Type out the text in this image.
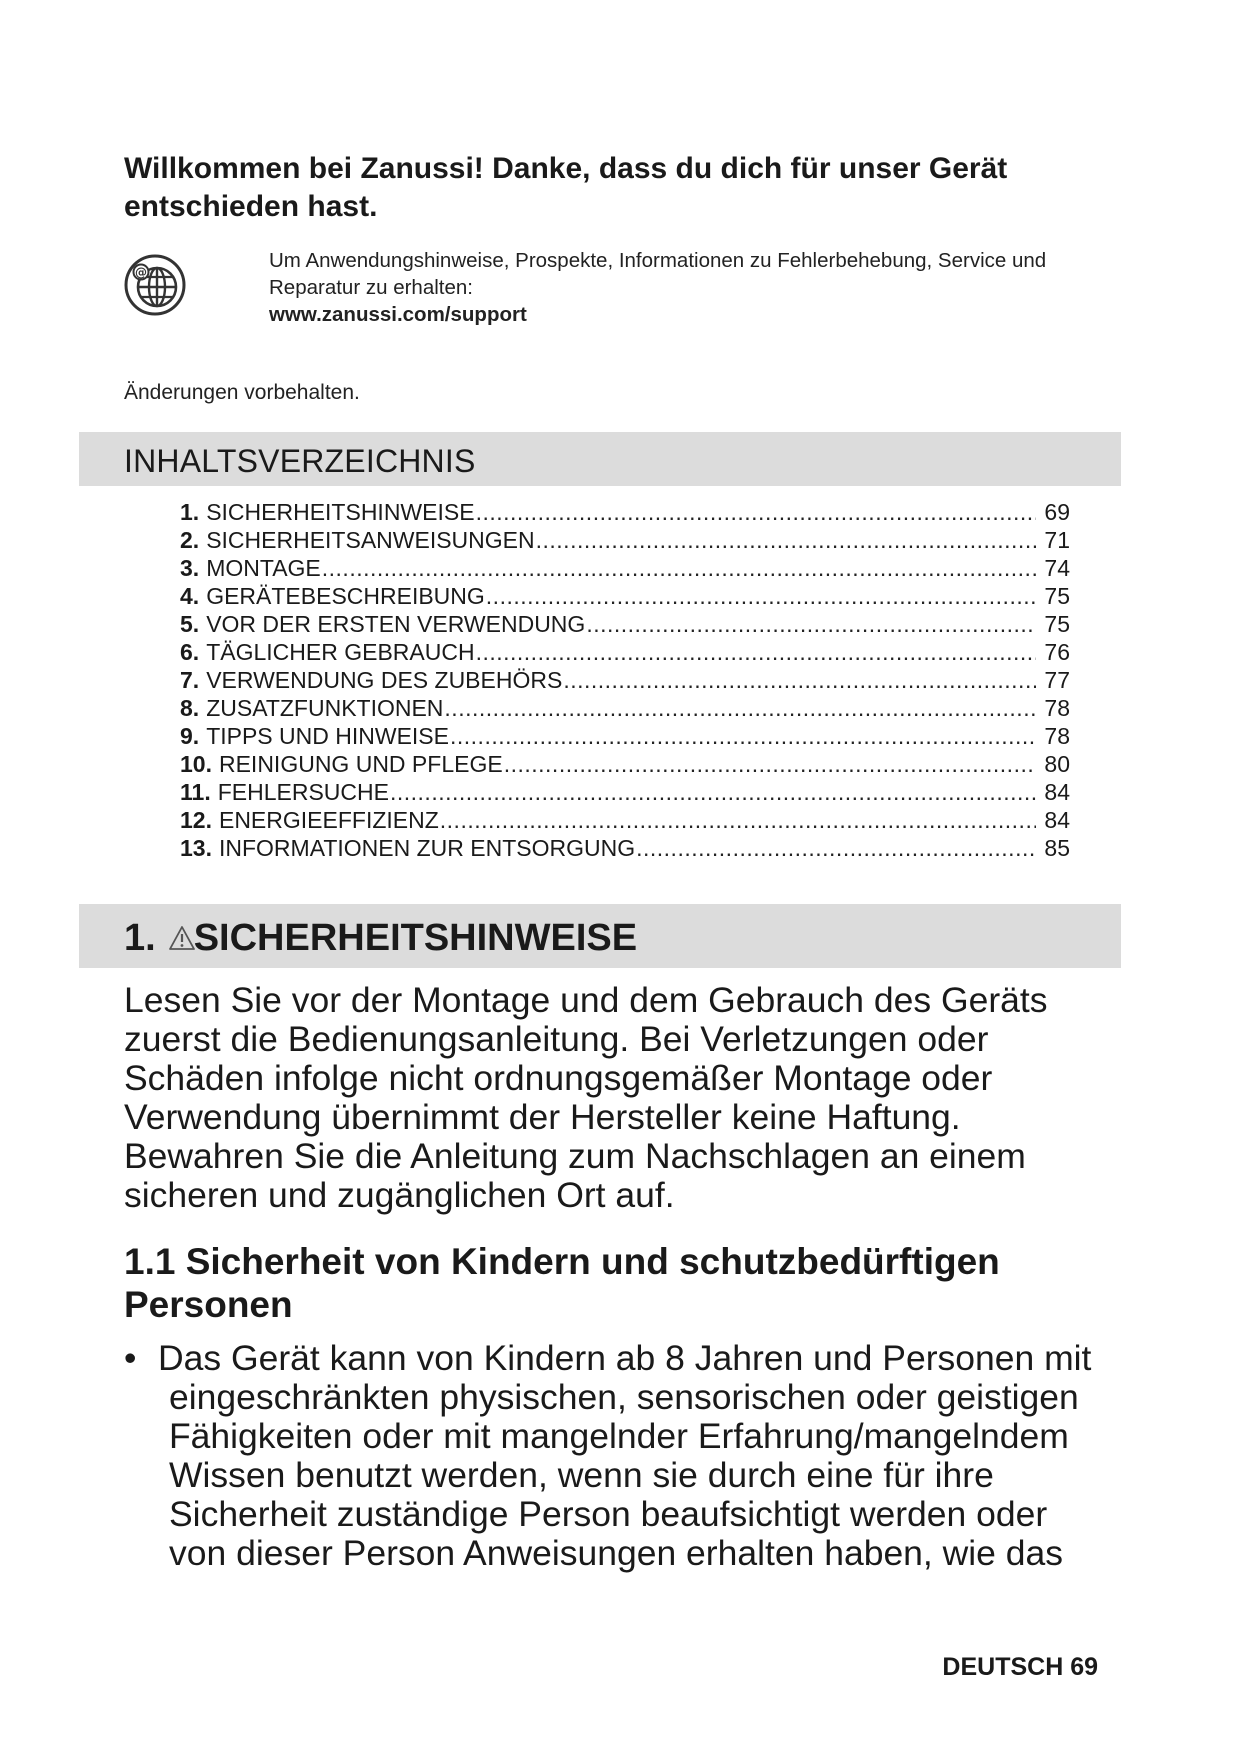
Willkommen bei Zanussi! Danke, dass du dich für unser Gerät entschieden hast.
@
Um Anwendungshinweise, Prospekte, Informationen zu Fehlerbehebung, Service und Reparatur zu erhalten:
www.zanussi.com/support
Änderungen vorbehalten.
INHALTSVERZEICHNIS
1. SICHERHEITSHINWEISE .....	69
2. SICHERHEITSANWEISUNGEN .....	71
3. MONTAGE .....	74
4. GERÄTEBESCHREIBUNG .....	75
5. VOR DER ERSTEN VERWENDUNG .....	75
6. TÄGLICHER GEBRAUCH .....	76
7. VERWENDUNG DES ZUBEHÖRS .....	77
8. ZUSATZFUNKTIONEN .....	78
9. TIPPS UND HINWEISE .....	78
10. REINIGUNG UND PFLEGE .....	80
11. FEHLERSUCHE .....	84
12. ENERGIEEFFIZIENZ .....	84
13. INFORMATIONEN ZUR ENTSORGUNG .....	85
1. SICHERHEITSHINWEISE

Lesen Sie vor der Montage und dem Gebrauch des Geräts zuerst die Bedienungsanleitung. Bei Verletzungen oder Schäden infolge nicht ordnungsgemäßer Montage oder Verwendung übernimmt der Hersteller keine Haftung. Bewahren Sie die Anleitung zum Nachschlagen an einem sicheren und zugänglichen Ort auf.

1.1 Sicherheit von Kindern und schutzbedürftigen Personen

• Das Gerät kann von Kindern ab 8 Jahren und Personen mit eingeschränkten physischen, sensorischen oder geistigen Fähigkeiten oder mit mangelnder Erfahrung/mangelndem Wissen benutzt werden, wenn sie durch eine für ihre Sicherheit zuständige Person beaufsichtigt werden oder von dieser Person Anweisungen erhalten haben, wie das

DEUTSCH 69
